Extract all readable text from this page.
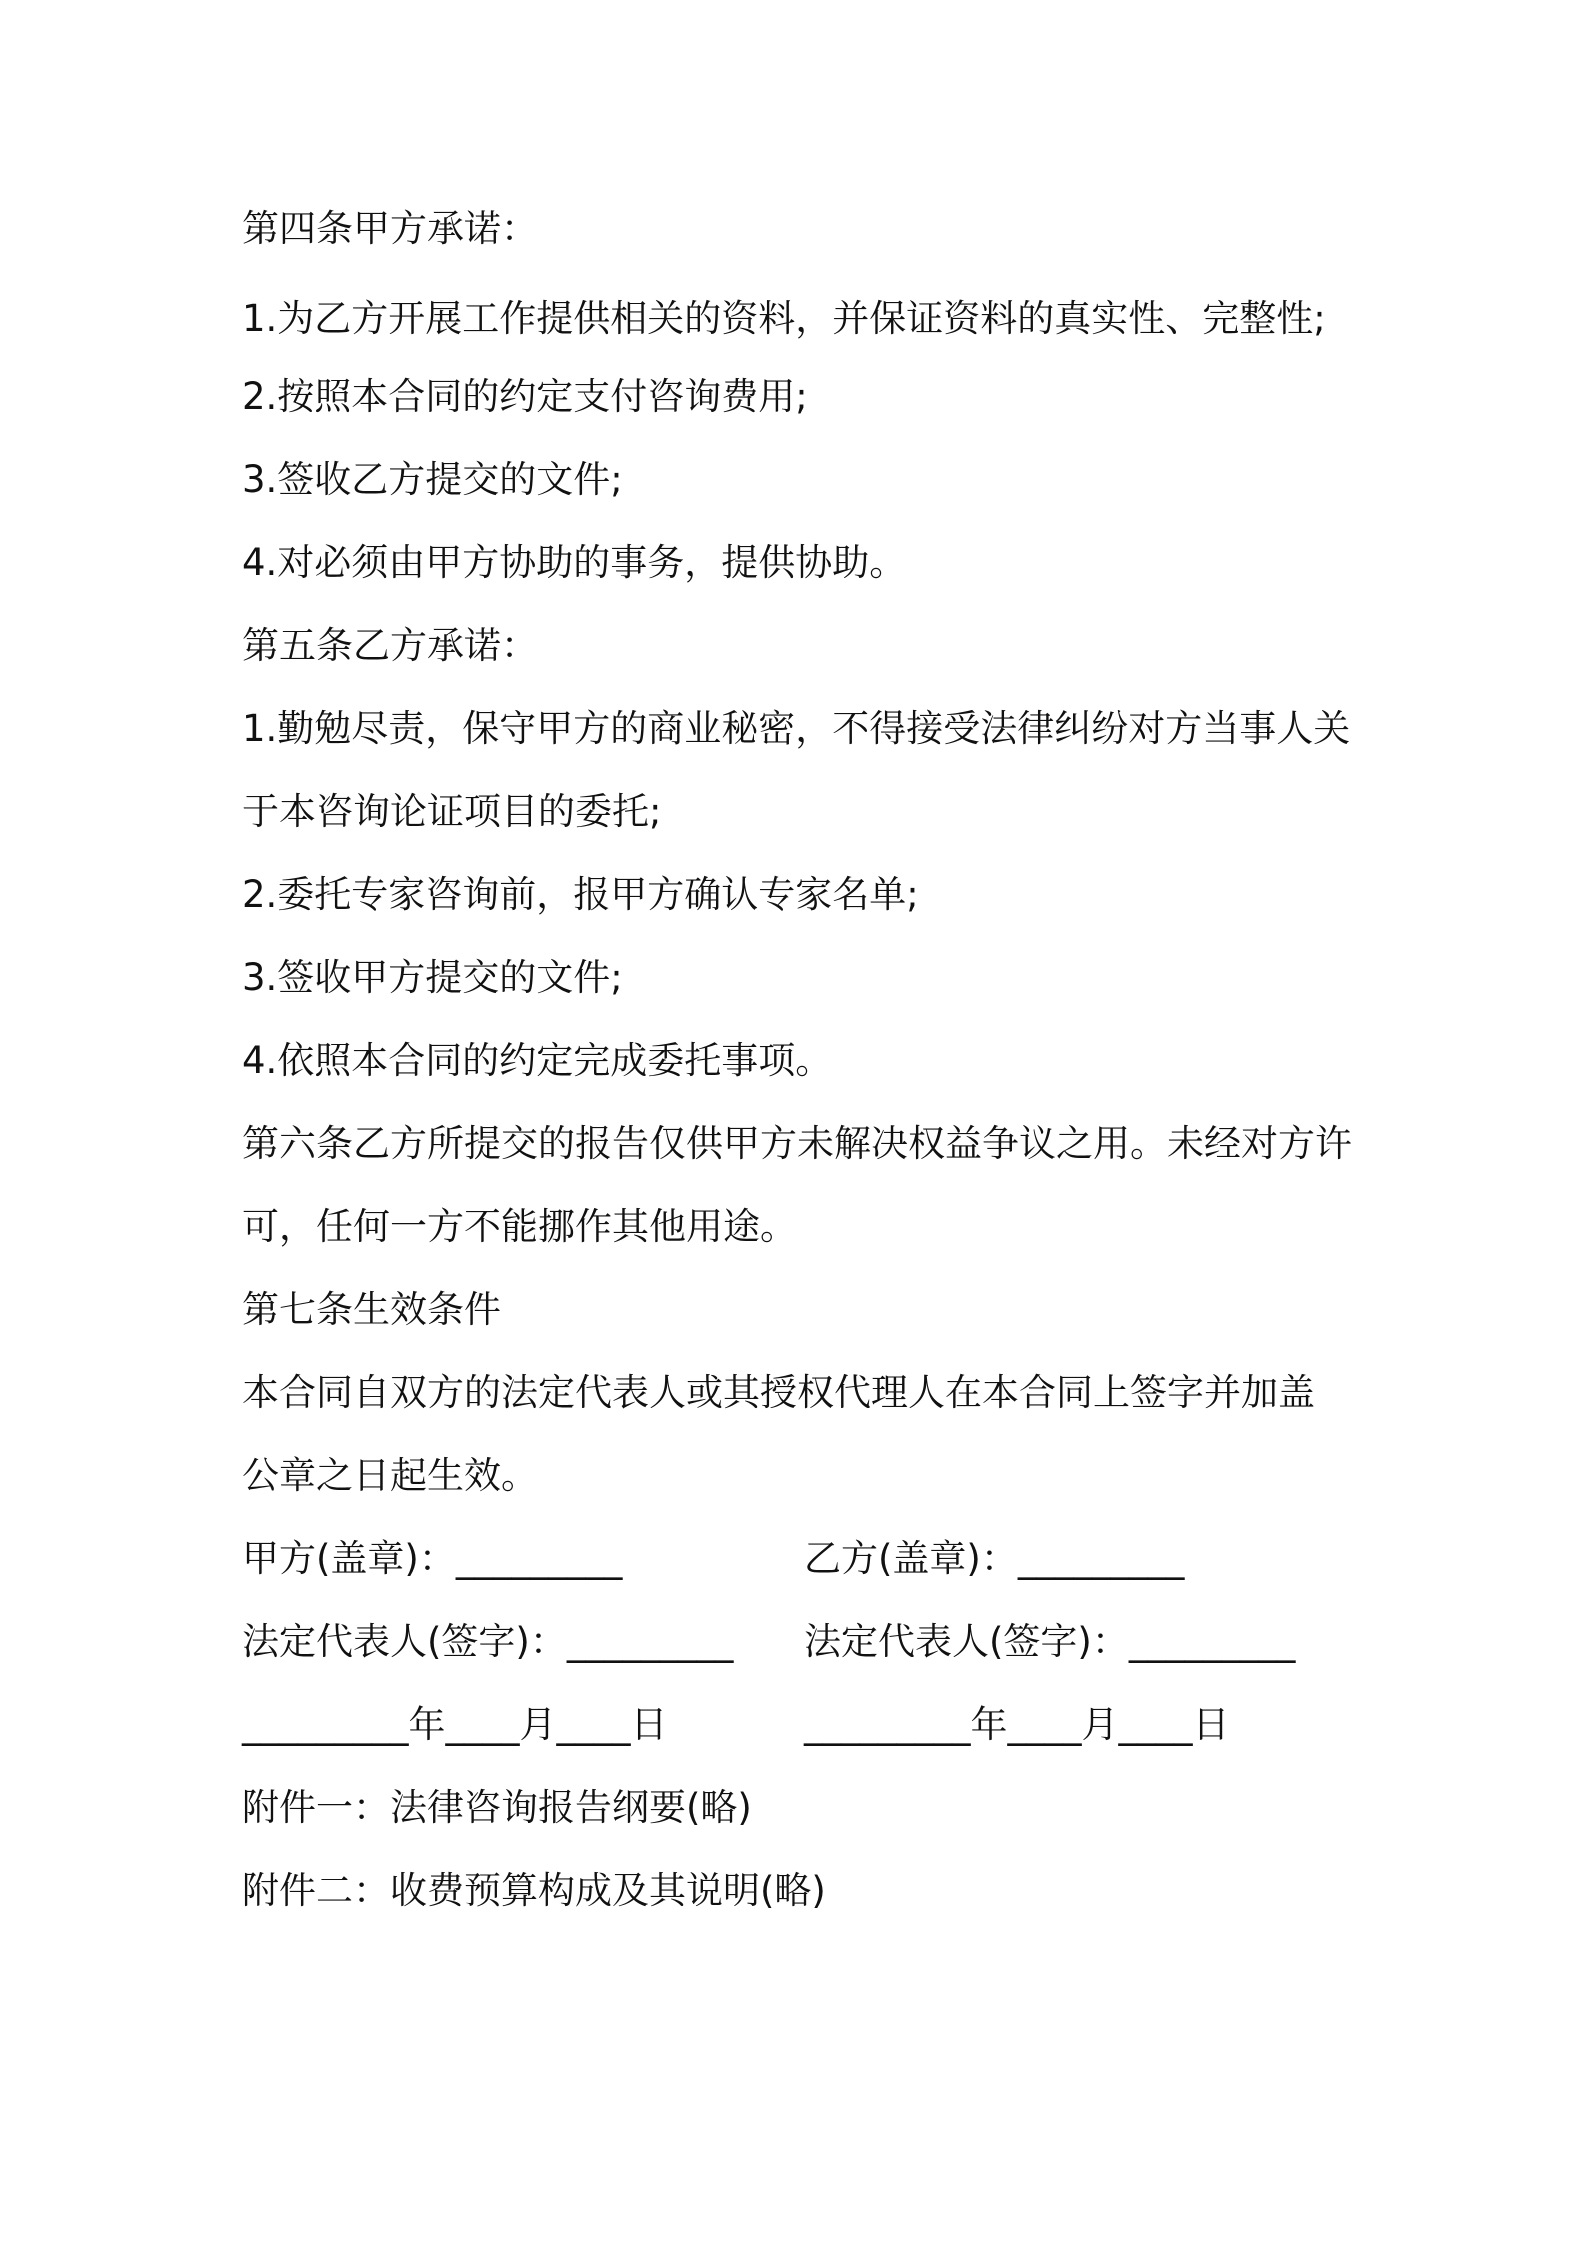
第四条甲方承诺：
1.为乙方开展工作提供相关的资料，并保证资料的真实性、完整性;
2.按照本合同的约定支付咨询费用;
3.签收乙方提交的文件;
4.对必须由甲方协助的事务，提供协助。
第五条乙方承诺：
1.勤勉尽责，保守甲方的商业秘密，不得接受法律纠纷对方当事人关
于本咨询论证项目的委托;
2.委托专家咨询前，报甲方确认专家名单;
3.签收甲方提交的文件;
4.依照本合同的约定完成委托事项。
第六条乙方所提交的报告仅供甲方未解决权益争议之用。未经对方许
可，任何一方不能挪作其他用途。
第七条生效条件
本合同自双方的法定代表人或其授权代理人在本合同上签字并加盖
公章之日起生效。
甲方(盖章)：_________	乙方(盖章)：_________
法定代表人(签字)：_________ 法定代表人(签字)：_________
_________年____月____日	_________年____月____日
附件一：法律咨询报告纲要(略)
附件二：收费预算构成及其说明(略)
